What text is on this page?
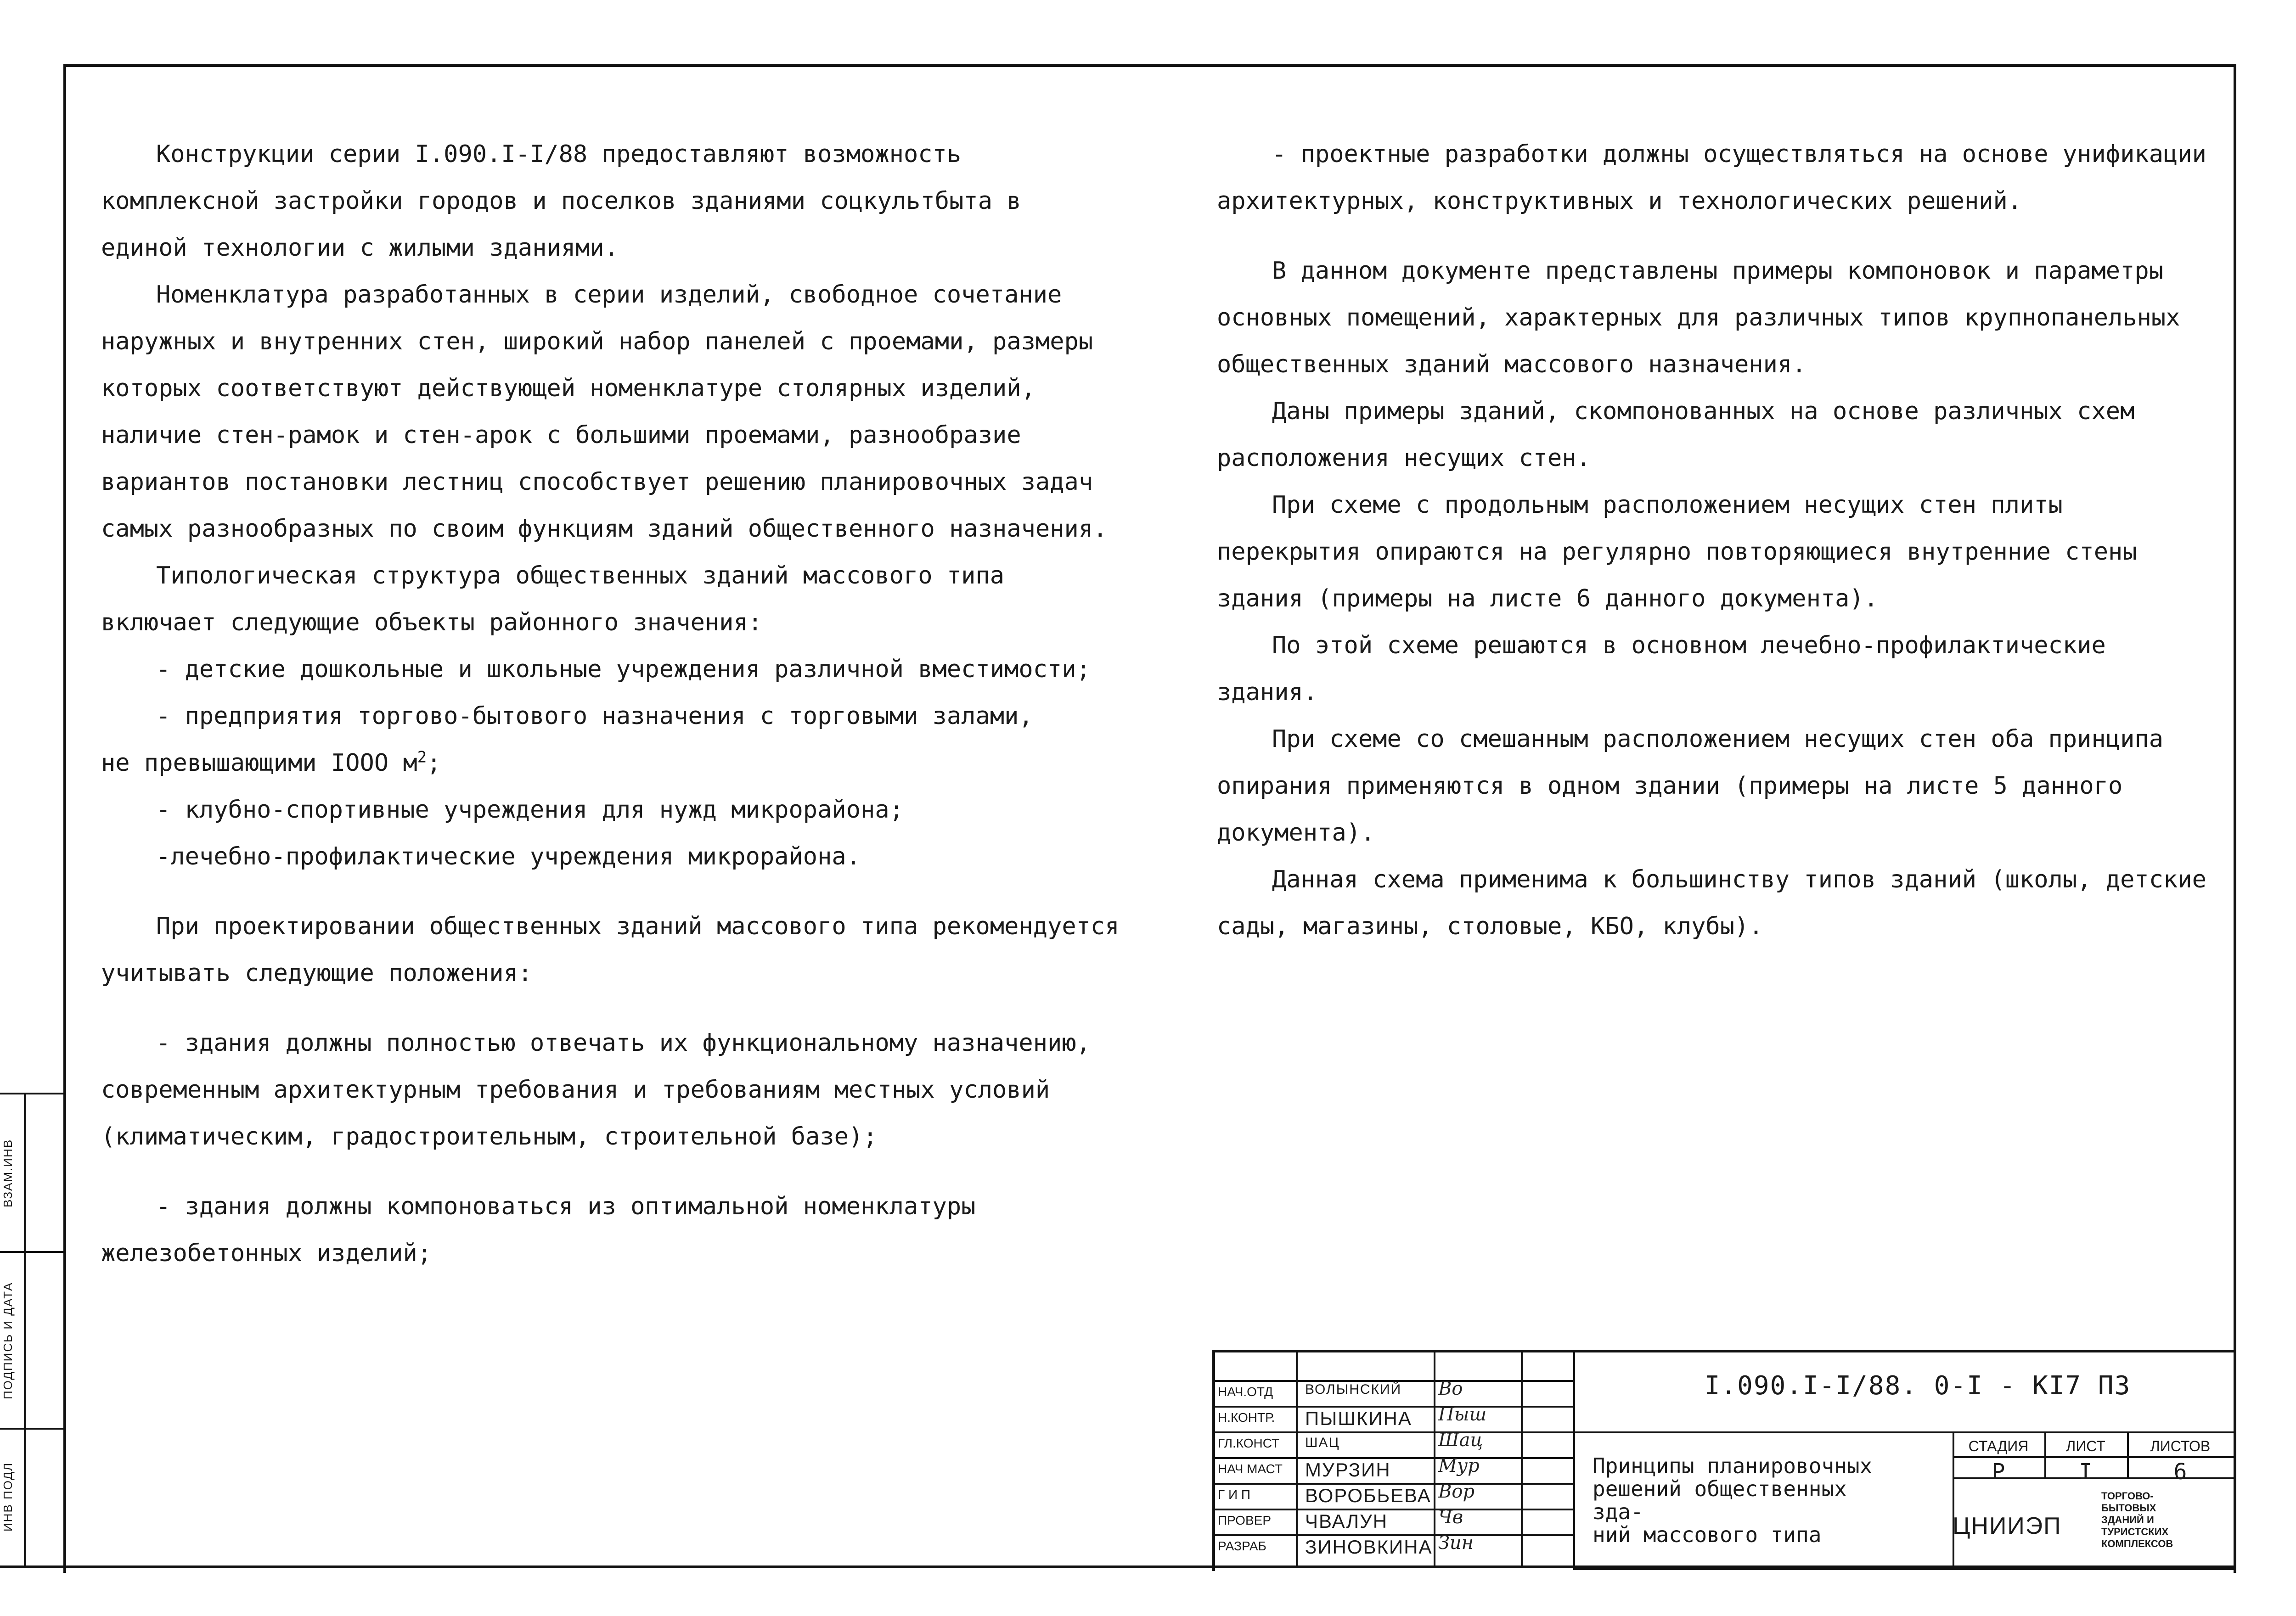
Конструкции серии I.090.I-I/88 предоставляют возможность комплексной застройки городов и поселков зданиями соцкультбыта в единой технологии с жилыми зданиями.

Номенклатура разработанных в серии изделий, свободное сочетание наружных и внутренних стен, широкий набор панелей с проемами, размеры которых соответствуют действующей номенклатуре столярных изделий, наличие стен-рамок и стен-арок с большими проемами, разнообразие вариантов постановки лестниц способствует решению планировочных задач самых разнообразных по своим функциям зданий общественного назначения.

Типологическая структура общественных зданий массового типа включает следующие объекты районного значения:

- детские дошкольные и школьные учреждения различной вместимости;

- предприятия торгово-бытового назначения с торговыми залами,

не превышающими IOOO $м^2$;

- клубно-спортивные учреждения для нужд микрорайона;

-лечебно-профилактические учреждения микрорайона.

При проектировании общественных зданий массового типа рекомендуется учитывать следующие положения:

- здания должны полностью отвечать их функциональному назначению, современным архитектурным требования и требованиям местных условий (климатическим, градостроительным, строительной базе);

- здания должны компоноваться из оптимальной номенклатуры железобетонных изделий;

- проектные разработки должны осуществляться на основе унификации архитектурных, конструктивных и технологических решений.

В данном документе представлены примеры компоновок и параметры основных помещений, характерных для различных типов крупнопанельных общественных зданий массового назначения.

Даны примеры зданий, скомпонованных на основе различных схем расположения несущих стен.

При схеме с продольным расположением несущих стен плиты перекрытия опираются на регулярно повторяющиеся внутренние стены здания (примеры на листе 6 данного документа).

По этой схеме решаются в основном лечебно-профилактические здания.

При схеме со смешанным расположением несущих стен оба принципа опирания применяются в одном здании (примеры на листе 5 данного документа).

Данная схема применима к большинству типов зданий (школы, детские сады, магазины, столовые, КБО, клубы).

ВЗАМ.ИНВ
ПОДПИСЬ И ДАТА
ИНВ ПОДЛ
НАЧ.ОТД	ВОЛЫНСКИЙ	Bo
Н.КОНТР.	ПЫШКИНА	Пыш
ГЛ.КОНСТ	ШАЦ	Шац
НАЧ МАСТ	МУРЗИН	Мур
Г И П	ВОРОБЬЕВА Вор
ПРОВЕР	ЧВАЛУН	Чв
РАЗРАБ	ЗИНОВКИНА Зин
I.090.I-I/88. 0-I - KI7 ПЗ
Принципы планировочных
решений общественных зда-
ний массового типа
СТАДИЯ	ЛИСТ	ЛИСТОВ
Р	I	6
ЦНИИЭП
ТОРГОВО-
БЫТОВЫХ
ЗДАНИЙ И
ТУРИСТСКИХ
КОМПЛЕКСОВ
